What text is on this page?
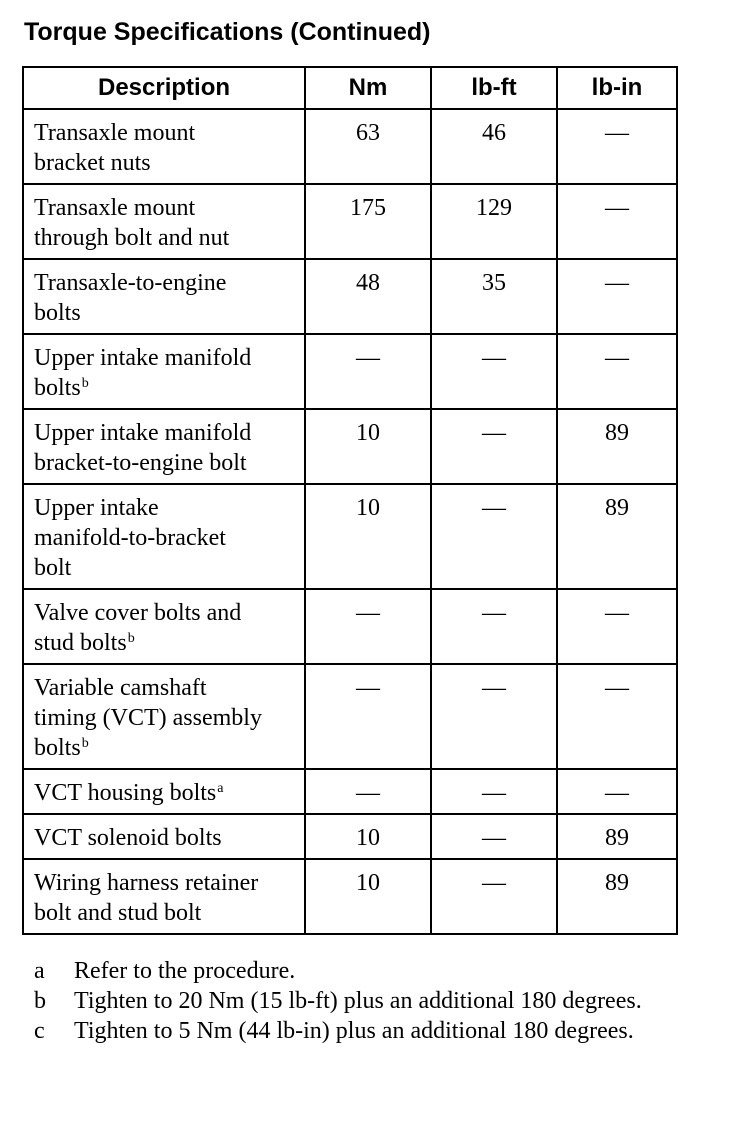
Torque Specifications (Continued)
Description	Nm	lb-ft	lb-in
Transaxle mount
bracket nuts	63	46	—
Transaxle mount
through bolt and nut	175	129	—
Transaxle-to-engine
bolts	48	35	—
Upper intake manifold
bolts$^b$	—	—	—
Upper intake manifold
bracket-to-engine bolt	10	—	89
Upper intake
manifold-to-bracket
bolt	10	—	89
Valve cover bolts and
stud bolts$^b$	—	—	—
Variable camshaft
timing (VCT) assembly
bolts$^b$	—	—	—
VCT housing bolts$^a$	—	—	—
VCT solenoid bolts	10	—	89
Wiring harness retainer
bolt and stud bolt	10	—	89
a	Refer to the procedure.
b	Tighten to 20 Nm (15 lb-ft) plus an additional 180 degrees.
c	Tighten to 5 Nm (44 lb-in) plus an additional 180 degrees.
